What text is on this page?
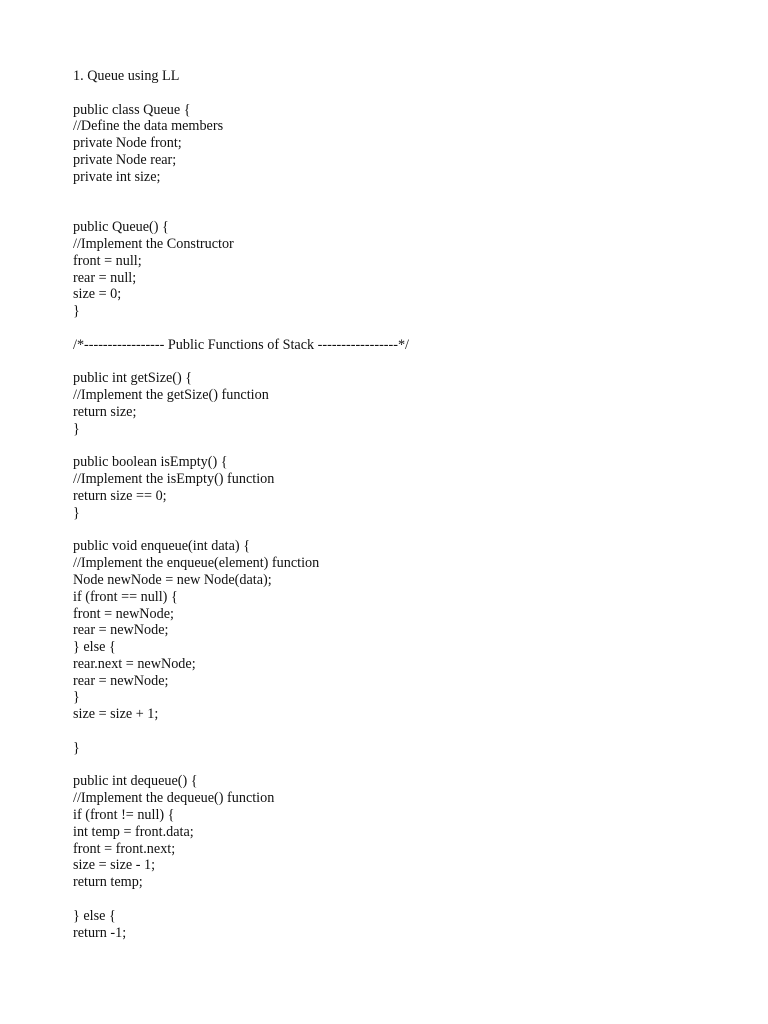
1. Queue using LL
public class Queue {
//Define the data members
private Node front;
private Node rear;
private int size;
public Queue() {
//Implement the Constructor
front = null;
rear = null;
size = 0;
}
/*----------------- Public Functions of Stack -----------------*/
public int getSize() {
//Implement the getSize() function
return size;
}
public boolean isEmpty() {
//Implement the isEmpty() function
return size == 0;
}
public void enqueue(int data) {
//Implement the enqueue(element) function
Node newNode = new Node(data);
if (front == null) {
front = newNode;
rear = newNode;
} else {
rear.next = newNode;
rear = newNode;
}
size = size + 1;
}
public int dequeue() {
//Implement the dequeue() function
if (front != null) {
int temp = front.data;
front = front.next;
size = size - 1;
return temp;
} else {
return -1;
